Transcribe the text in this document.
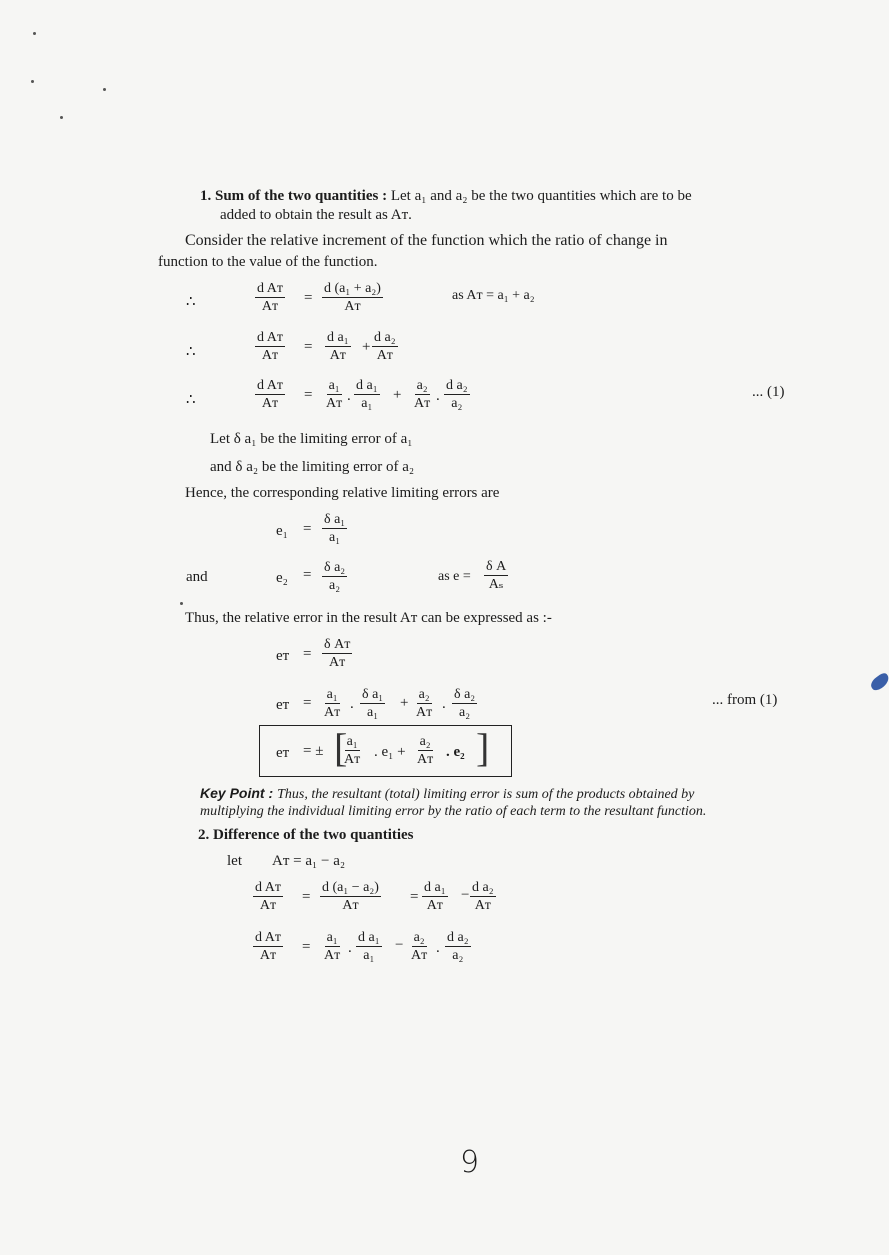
1. Sum of the two quantities : Let a₁ and a₂ be the two quantities which are to be
added to obtain the result as Aᴛ.
Consider the relative increment of the function which the ratio of change in
function to the value of the function.
∴	$\frac{\text{d Aᴛ}}{\text{Aᴛ}} = \frac{\text{d (a₁ + a₂)}}{\text{Aᴛ}}$	as Aᴛ = a₁ + a₂
∴	$\frac{\text{d Aᴛ}}{\text{Aᴛ}} = \frac{\text{d a₁}}{\text{Aᴛ}} + \frac{\text{d a₂}}{\text{Aᴛ}}$
∴	$\frac{\text{d Aᴛ}}{\text{Aᴛ}} = \frac{\text{a₁}}{\text{Aᴛ}}$ . $\frac{\text{d a₁}}{\text{a₁}} + \frac{\text{a₂}}{\text{Aᴛ}}$ . $\frac{\text{d a₂}}{\text{a₂}}$	... (1)
Let δ a₁ be the limiting error of a₁
and δ a₂ be the limiting error of a₂
Hence, the corresponding relative limiting errors are
$e_1 = \frac{\text{δ a₁}}{\text{a₁}}$
and	$e_2 = \frac{\text{δ a₂}}{\text{a₂}}$	as $e = \frac{\text{δ A}}{\text{Aₛ}}$
Thus, the relative error in the result Aᴛ can be expressed as :-
eᴛ = $\frac{\text{δ Aᴛ}}{\text{Aᴛ}}$
eᴛ = $\frac{\text{a₁}}{\text{Aᴛ}}$ . $\frac{\text{δ a₁}}{\text{a₁}} + \frac{\text{a₂}}{\text{Aᴛ}}$ . $\frac{\text{δ a₂}}{\text{a₂}}$	... from (1)
eᴛ = ± [
$\frac{\text{a₁}}{\text{Aᴛ}}$ . $e_1 + \frac{\text{a₂}}{\text{Aᴛ}}$ . e₂ ]
Key Point : Thus, the resultant (total) limiting error is sum of the products obtained by
multiplying the individual limiting error by the ratio of each term to the resultant function.
2. Difference of the two quantities
let Aᴛ = a₁ − a₂
$\frac{\text{d Aᴛ}}{\text{Aᴛ}} = \frac{\text{d (a₁ − a₂)}}{\text{Aᴛ}} = \frac{\text{d a₁}}{\text{Aᴛ}} - \frac{\text{d a₂}}{\text{Aᴛ}}$
$\frac{\text{d Aᴛ}}{\text{Aᴛ}} = \frac{\text{a₁}}{\text{Aᴛ}}$ . $\frac{\text{d a₁}}{\text{a₁}} - \frac{\text{a₂}}{\text{Aᴛ}}$ . $\frac{\text{d a₂}}{\text{a₂}}$
9
